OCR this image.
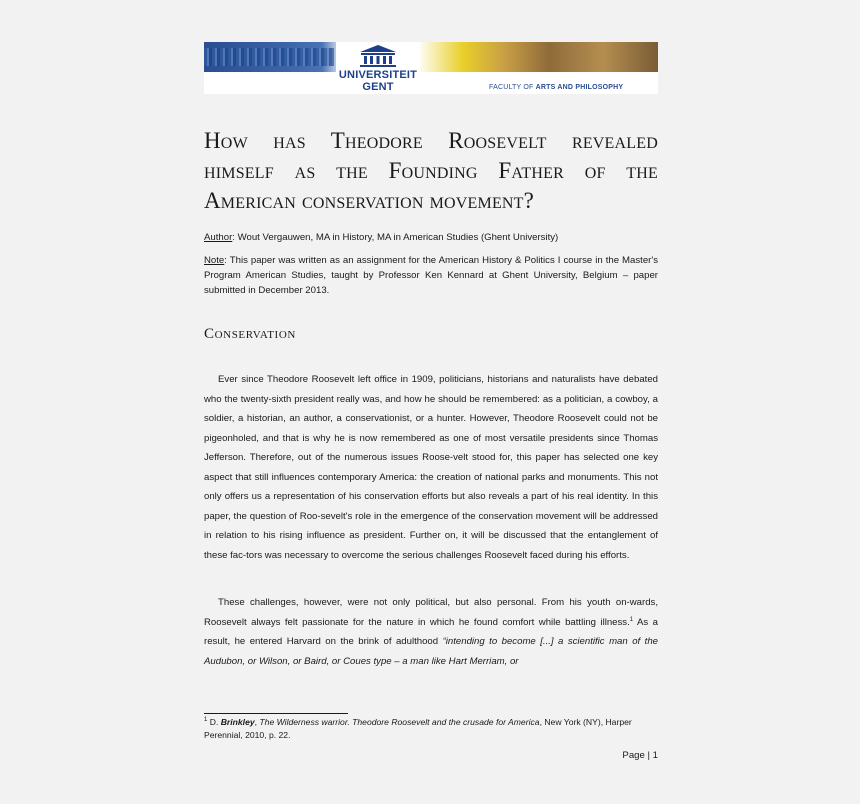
UNIVERSITEIT
GENT	FACULTY OF ARTS AND PHILOSOPHY
How has Theodore Roosevelt revealed
himself as the Founding Father of the
American conservation movement?
Author: Wout Vergauwen, MA in History, MA in American Studies (Ghent University)
Note: This paper was written as an assignment for the American History & Politics I course in the Master's Program American Studies, taught by Professor Ken Kennard at Ghent University, Belgium – paper submitted in December 2013.
Conservation
Ever since Theodore Roosevelt left office in 1909, politicians, historians and naturalists have debated who the twenty-sixth president really was, and how he should be remembered: as a politician, a cowboy, a soldier, a historian, an author, a conservationist, or a hunter. However, Theodore Roosevelt could not be pigeonholed, and that is why he is now remembered as one of most versatile presidents since Thomas Jefferson. Therefore, out of the numerous issues Roose-velt stood for, this paper has selected one key aspect that still influences contemporary America: the creation of national parks and monuments. This not only offers us a representation of his conservation efforts but also reveals a part of his real identity. In this paper, the question of Roo-sevelt's role in the emergence of the conservation movement will be addressed in relation to his rising influence as president. Further on, it will be discussed that the entanglement of these fac-tors was necessary to overcome the serious challenges Roosevelt faced during his efforts.
These challenges, however, were not only political, but also personal. From his youth on-wards, Roosevelt always felt passionate for the nature in which he found comfort while battling illness.$^1$ As a result, he entered Harvard on the brink of adulthood “intending to become [...] a scientific man of the Audubon, or Wilson, or Baird, or Coues type – a man like Hart Merriam, or
$^1$ D. Brinkley, The Wilderness warrior. Theodore Roosevelt and the crusade for America, New York (NY), Harper Perennial, 2010, p. 22.
Page | 1
